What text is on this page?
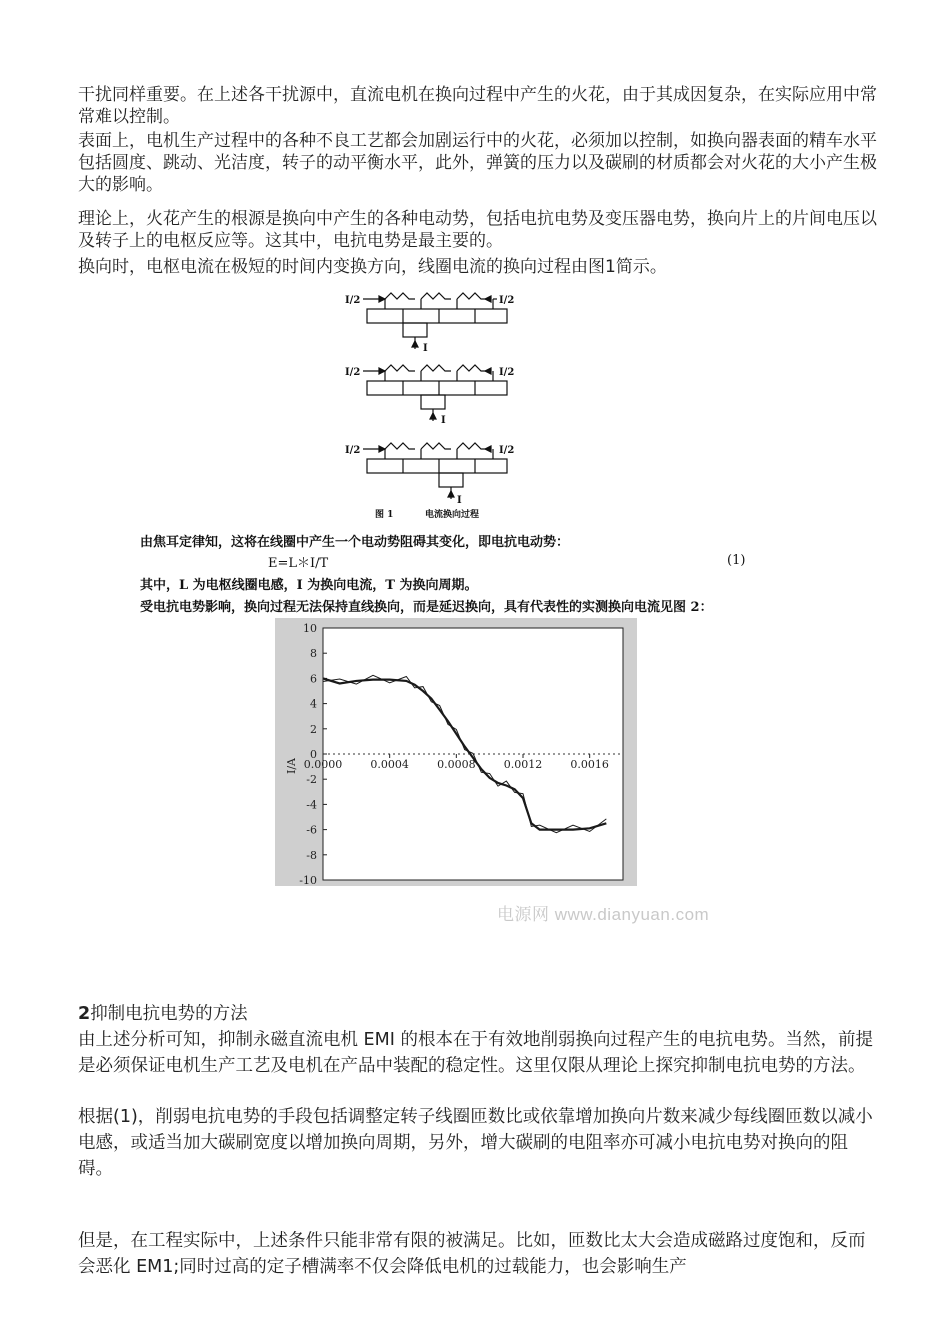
干扰同样重要。在上述各干扰源中，直流电机在换向过程中产生的火花，由于其成因复杂，在实际应用中常常难以控制。
表面上，电机生产过程中的各种不良工艺都会加剧运行中的火花，必须加以控制，如换向器表面的精车水平包括圆度、跳动、光洁度，转子的动平衡水平，此外，弹簧的压力以及碳刷的材质都会对火花的大小产生极大的影响。
理论上，火花产生的根源是换向中产生的各种电动势，包括电抗电势及变压器电势，换向片上的片间电压以及转子上的电枢反应等。这其中，电抗电势是最主要的。
换向时，电枢电流在极短的时间内变换方向，线圈电流的换向过程由图1简示。
I/2	I/2
I
I/2	I/2
I
I/2	I/2
I
图 1	电流换向过程
由焦耳定律知，这将在线圈中产生一个电动势阻碍其变化，即电抗电动势：
E=L＊I/T	(1)
其中，L 为电枢线圈电感，I 为换向电流，T 为换向周期。
受电抗电势影响，换向过程无法保持直线换向，而是延迟换向，具有代表性的实测换向电流见图 2：
10
8
6
4
2
0
-2
-4
-6
-8
-10
0.0000	0.0004	0.0008	0.0012	0.0016
I/A
电源网 www.dianyuan.com
2抑制电抗电势的方法
由上述分析可知，抑制永磁直流电机 EMI 的根本在于有效地削弱换向过程产生的电抗电势。当然，前提是必须保证电机生产工艺及电机在产品中装配的稳定性。这里仅限从理论上探究抑制电抗电势的方法。
根据(1)，削弱电抗电势的手段包括调整定转子线圈匝数比或依靠增加换向片数来减少每线圈匝数以减小电感，或适当加大碳刷宽度以增加换向周期，另外，增大碳刷的电阻率亦可减小电抗电势对换向的阻碍。
但是，在工程实际中，上述条件只能非常有限的被满足。比如，匝数比太大会造成磁路过度饱和，反而会恶化 EM1;同时过高的定子槽满率不仅会降低电机的过载能力，也会影响生产
